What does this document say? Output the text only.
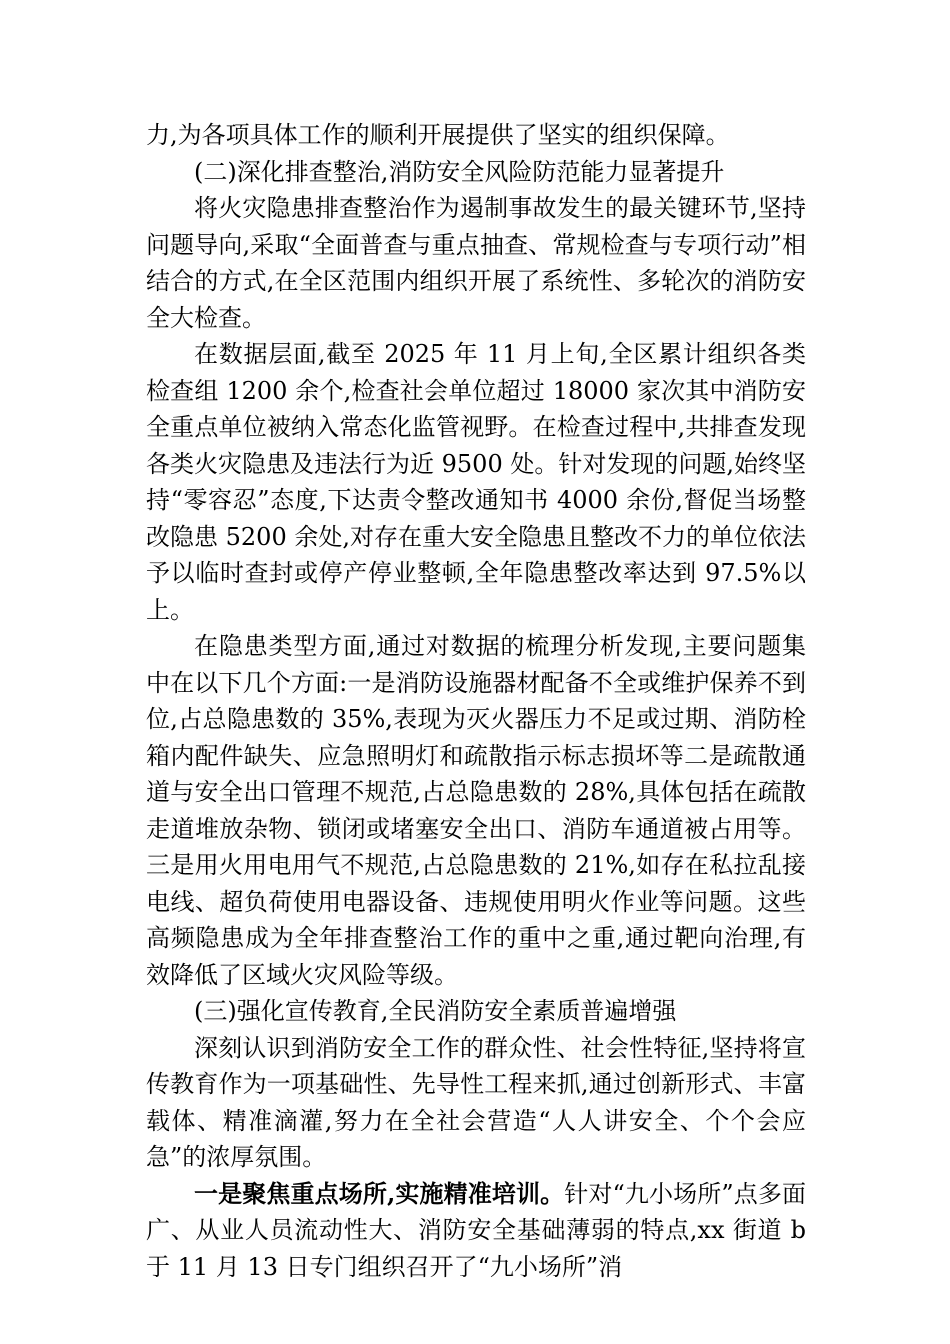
力,为各项具体工作的顺利开展提供了坚实的组织保障。

(二)深化排查整治,消防安全风险防范能力显著提升

将火灾隐患排查整治作为遏制事故发生的最关键环节,坚持问题导向,采取“全面普查与重点抽查、常规检查与专项行动”相结合的方式,在全区范围内组织开展了系统性、多轮次的消防安全大检查。

在数据层面,截至 2025 年 11 月上旬,全区累计组织各类检查组 1200 余个,检查社会单位超过 18000 家次其中消防安全重点单位被纳入常态化监管视野。在检查过程中,共排查发现各类火灾隐患及违法行为近 9500 处。针对发现的问题,始终坚持“零容忍”态度,下达责令整改通知书 4000 余份,督促当场整改隐患 5200 余处,对存在重大安全隐患且整改不力的单位依法予以临时查封或停产停业整顿,全年隐患整改率达到 97.5%以上。

在隐患类型方面,通过对数据的梳理分析发现,主要问题集中在以下几个方面:一是消防设施器材配备不全或维护保养不到位,占总隐患数的 35%,表现为灭火器压力不足或过期、消防栓箱内配件缺失、应急照明灯和疏散指示标志损坏等二是疏散通道与安全出口管理不规范,占总隐患数的 28%,具体包括在疏散走道堆放杂物、锁闭或堵塞安全出口、消防车通道被占用等。三是用火用电用气不规范,占总隐患数的 21%,如存在私拉乱接电线、超负荷使用电器设备、违规使用明火作业等问题。这些高频隐患成为全年排查整治工作的重中之重,通过靶向治理,有效降低了区域火灾风险等级。

(三)强化宣传教育,全民消防安全素质普遍增强

深刻认识到消防安全工作的群众性、社会性特征,坚持将宣传教育作为一项基础性、先导性工程来抓,通过创新形式、丰富载体、精准滴灌,努力在全社会营造“人人讲安全、个个会应急”的浓厚氛围。

一是聚焦重点场所,实施精准培训。针对“九小场所”点多面广、从业人员流动性大、消防安全基础薄弱的特点,xx 街道 b 于 11 月 13 日专门组织召开了“九小场所”消
